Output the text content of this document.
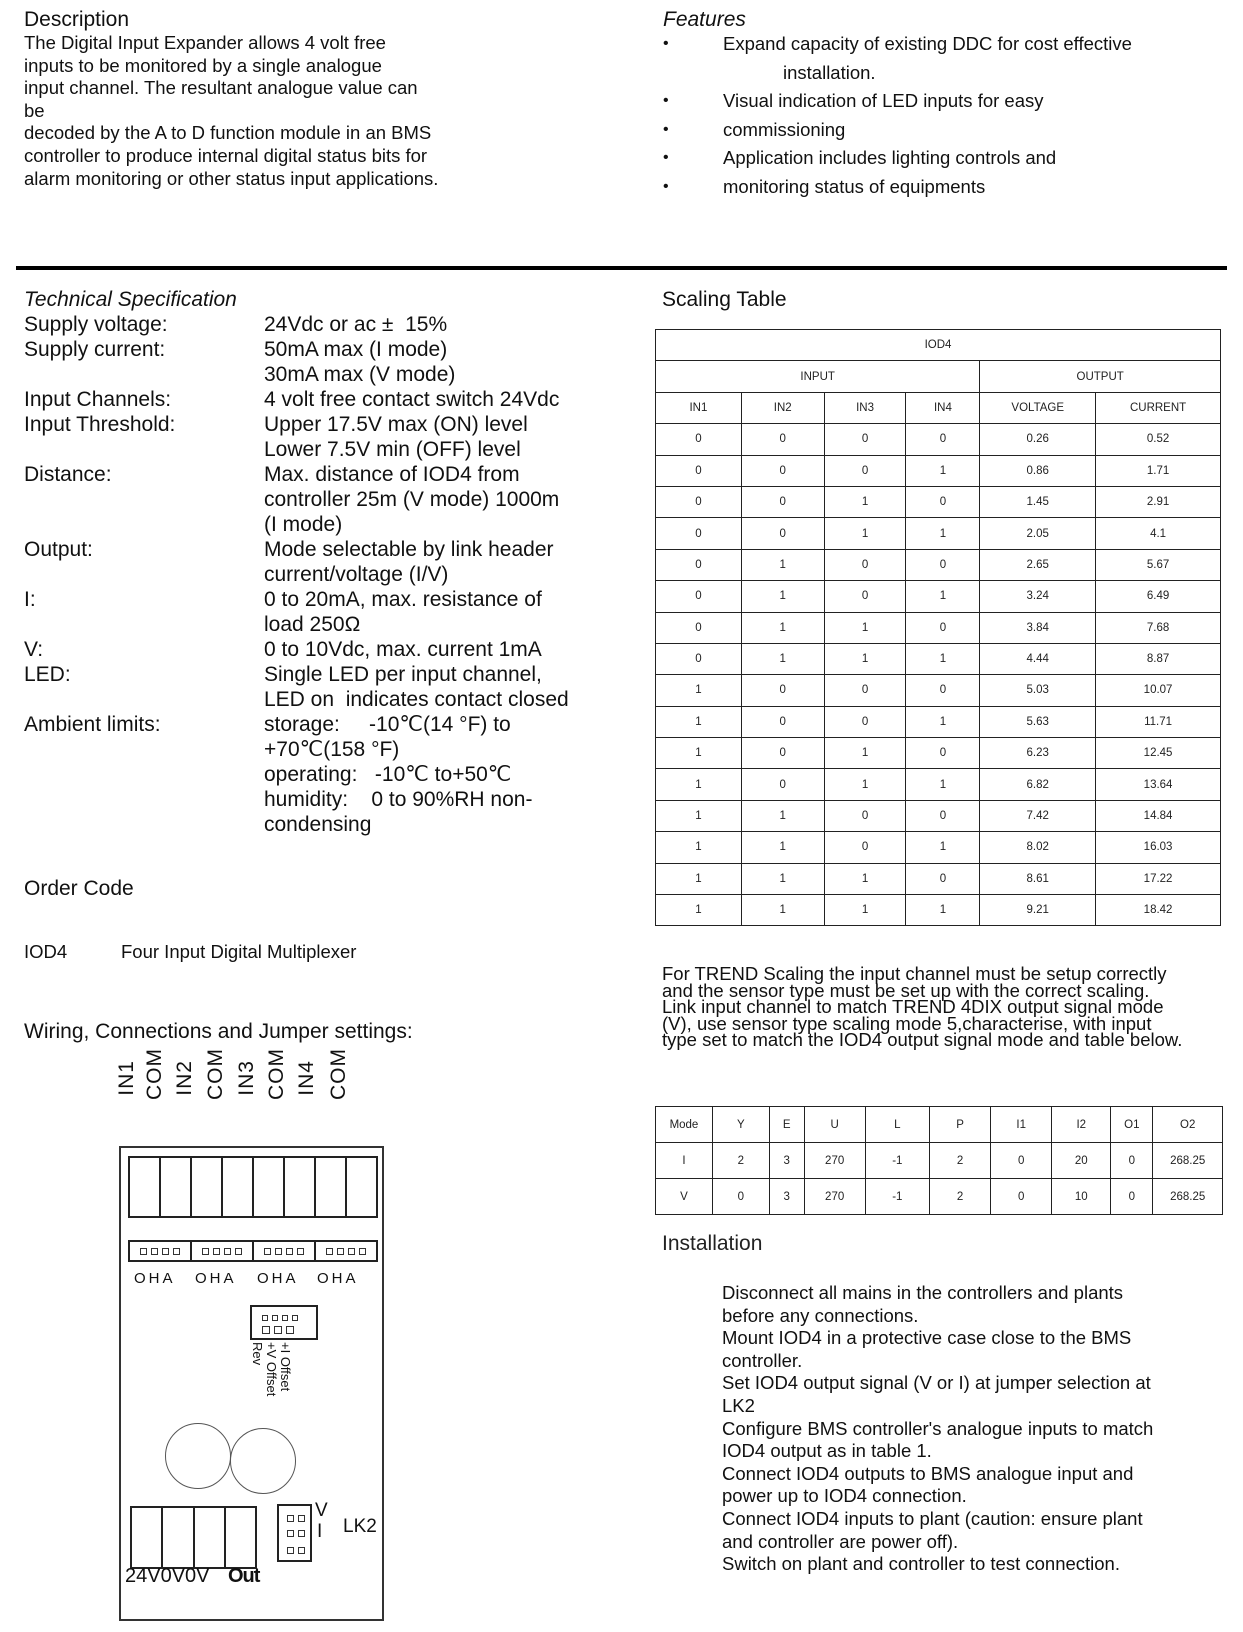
Description

The Digital Input Expander allows 4 volt free

inputs to be monitored by a single analogue

input channel. The resultant analogue value can

be

decoded by the A to D function module in an BMS

controller to produce internal digital status bits for

alarm monitoring or other status input applications.

Features
•	Expand capacity of existing DDC for cost effective
installation.
•	Visual indication of LED inputs for easy
•	commissioning
•	Application includes lighting controls and
•	monitoring status of equipments
Technical Specification
Supply voltage:	24Vdc or ac ±  15%
Supply current:	50mA max (I mode)
30mA max (V mode)
Input Channels:	4 volt free contact switch 24Vdc
Input Threshold:	Upper 17.5V max (ON) level
Lower 7.5V min (OFF) level
Distance:	Max. distance of IOD4 from
controller 25m (V mode) 1000m
(I mode)
Output:	Mode selectable by link header
current/voltage (I/V)
I:	0 to 20mA, max. resistance of
load 250Ω
V:	0 to 10Vdc, max. current 1mA
LED:	Single LED per input channel,
LED on  indicates contact closed
Ambient limits:	storage:     -10℃(14 °F) to
+70℃(158 °F)
operating:   -10℃ to+50℃
humidity:    0 to 90%RH non-
condensing
Order Code
IOD4	Four Input Digital Multiplexer
Wiring, Connections and Jumper settings:
IN1 COM IN2 COM IN3 COM IN4 COM
OHA OHA OHA OHA
Rev +V Offset +I Offset
V
I LK2
24V0V0V Out
Scaling Table
IOD4					
INPUT				OUTPUT	
IN1	IN2	IN3	IN4	VOLTAGE	CURRENT
0	0	0	0	0.26	0.52
0	0	0	1	0.86	1.71
0	0	1	0	1.45	2.91
0	0	1	1	2.05	4.1
0	1	0	0	2.65	5.67
0	1	0	1	3.24	6.49
0	1	1	0	3.84	7.68
0	1	1	1	4.44	8.87
1	0	0	0	5.03	10.07
1	0	0	1	5.63	11.71
1	0	1	0	6.23	12.45
1	0	1	1	6.82	13.64
1	1	0	0	7.42	14.84
1	1	0	1	8.02	16.03
1	1	1	0	8.61	17.22
1	1	1	1	9.21	18.42
For TREND Scaling the input channel must be setup correctly
and the sensor type must be set up with the correct scaling.
Link input channel to match TREND 4DIX output signal mode
(V), use sensor type scaling mode 5,characterise, with input
type set to match the IOD4 output signal mode and table below.
Mode	Y	E	U	L	P	I1	I2	O1	O2
I	2	3	270	-1	2	0	20	0	268.25
V	0	3	270	-1	2	0	10	0	268.25
Installation
Disconnect all mains in the controllers and plants
before any connections.
Mount IOD4 in a protective case close to the BMS
controller.
Set IOD4 output signal (V or I) at jumper selection at
LK2
Configure BMS controller's analogue inputs to match
IOD4 output as in table 1.
Connect IOD4 outputs to BMS analogue input and
power up to IOD4 connection.
Connect IOD4 inputs to plant (caution: ensure plant
and controller are power off).
Switch on plant and controller to test connection.
